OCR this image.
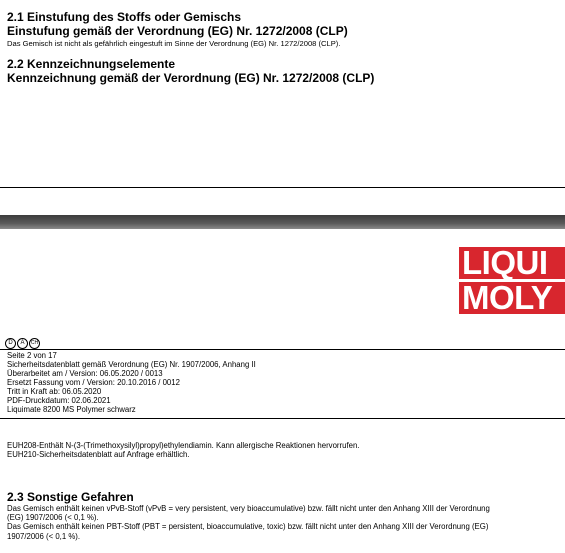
2.1 Einstufung des Stoffs oder Gemischs
Einstufung gemäß der Verordnung (EG) Nr. 1272/2008 (CLP)
Das Gemisch ist nicht als gefährlich eingestuft im Sinne der Verordnung (EG) Nr. 1272/2008 (CLP).
2.2 Kennzeichnungselemente
Kennzeichnung gemäß der Verordnung (EG) Nr. 1272/2008 (CLP)
LIQUI
MOLY
D	A	CH
Seite 2 von 17
Sicherheitsdatenblatt gemäß Verordnung (EG) Nr. 1907/2006, Anhang II
Überarbeitet am / Version: 06.05.2020 / 0013
Ersetzt Fassung vom / Version: 20.10.2016 / 0012
Tritt in Kraft ab: 06.05.2020
PDF-Druckdatum: 02.06.2021
Liquimate 8200 MS Polymer schwarz
EUH208-Enthält N-(3-(Trimethoxysilyl)propyl)ethylendiamin. Kann allergische Reaktionen hervorrufen.
EUH210-Sicherheitsdatenblatt auf Anfrage erhältlich.
2.3 Sonstige Gefahren
Das Gemisch enthält keinen vPvB-Stoff (vPvB = very persistent, very bioaccumulative) bzw. fällt nicht unter den Anhang XIII der Verordnung
(EG) 1907/2006 (< 0,1 %).
Das Gemisch enthält keinen PBT-Stoff (PBT = persistent, bioaccumulative, toxic) bzw. fällt nicht unter den Anhang XIII der Verordnung (EG)
1907/2006 (< 0,1 %).
